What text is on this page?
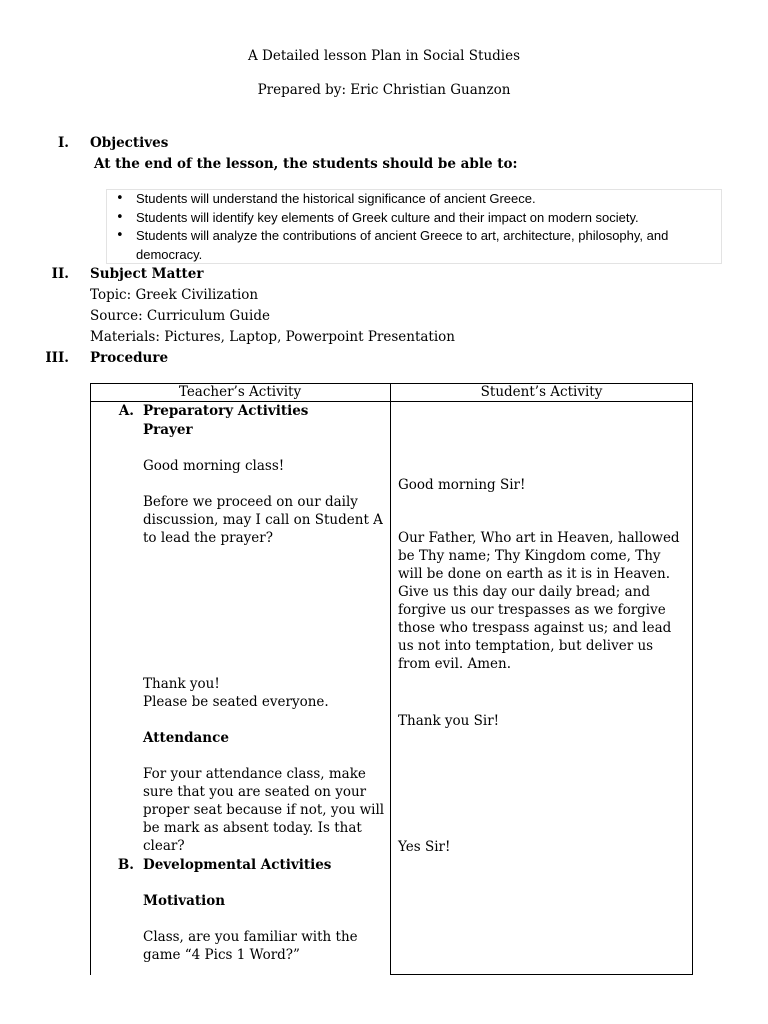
A Detailed lesson Plan in Social Studies
Prepared by: Eric Christian Guanzon
I. Objectives
At the end of the lesson, the students should be able to:
• Students will understand the historical significance of ancient Greece.
• Students will identify key elements of Greek culture and their impact on modern society.
• Students will analyze the contributions of ancient Greece to art, architecture, philosophy, and democracy.
II. Subject Matter
Topic: Greek Civilization
Source: Curriculum Guide
Materials: Pictures, Laptop, Powerpoint Presentation
III. Procedure
Teacher’s Activity	Student’s Activity
A. Preparatory Activities
Prayer
Good morning class!
Before we proceed on our daily discussion, may I call on Student A to lead the prayer?
Thank you!
Please be seated everyone.
Attendance
For your attendance class, make sure that you are seated on your proper seat because if not, you will be mark as absent today. Is that clear?
B. Developmental Activities
Motivation
Class, are you familiar with the game “4 Pics 1 Word?”
Good morning Sir!
Our Father, Who art in Heaven, hallowed be Thy name; Thy Kingdom come, Thy will be done on earth as it is in Heaven. Give us this day our daily bread; and forgive us our trespasses as we forgive those who trespass against us; and lead us not into temptation, but deliver us from evil. Amen.
Thank you Sir!
Yes Sir!
